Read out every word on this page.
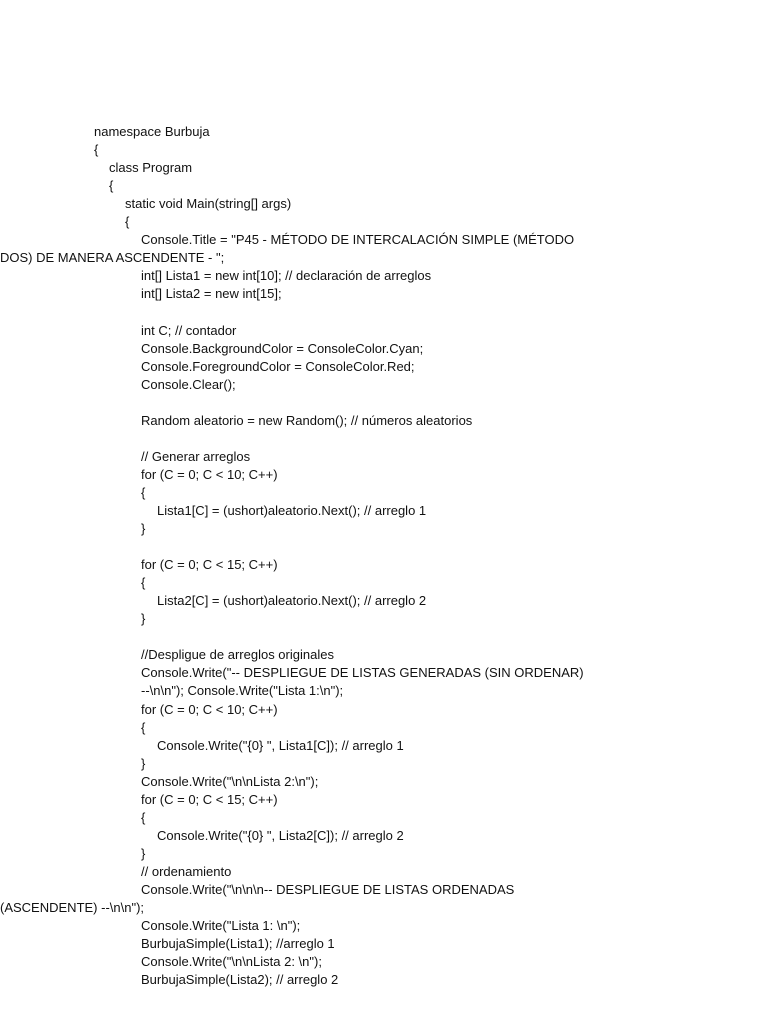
namespace Burbuja
{
class Program
{
static void Main(string[] args)
{
Console.Title = "P45 - MÉTODO DE INTERCALACIÓN SIMPLE (MÉTODO
DOS) DE MANERA ASCENDENTE - ";
int[] Lista1 = new int[10]; // declaración de arreglos
int[] Lista2 = new int[15];
int C; // contador
Console.BackgroundColor = ConsoleColor.Cyan;
Console.ForegroundColor = ConsoleColor.Red;
Console.Clear();
Random aleatorio = new Random(); // números aleatorios
// Generar arreglos
for (C = 0; C < 10; C++)
{
Lista1[C] = (ushort)aleatorio.Next(); // arreglo 1
}
for (C = 0; C < 15; C++)
{
Lista2[C] = (ushort)aleatorio.Next(); // arreglo 2
}
//Despligue de arreglos originales
Console.Write("-- DESPLIEGUE DE LISTAS GENERADAS (SIN ORDENAR)
--\n\n"); Console.Write("Lista 1:\n");
for (C = 0; C < 10; C++)
{
Console.Write("{0} ", Lista1[C]); // arreglo 1
}
Console.Write("\n\nLista 2:\n");
for (C = 0; C < 15; C++)
{
Console.Write("{0} ", Lista2[C]); // arreglo 2
}
// ordenamiento
Console.Write("\n\n\n-- DESPLIEGUE DE LISTAS ORDENADAS
(ASCENDENTE) --\n\n");
Console.Write("Lista 1: \n");
BurbujaSimple(Lista1); //arreglo 1
Console.Write("\n\nLista 2: \n");
BurbujaSimple(Lista2); // arreglo 2
